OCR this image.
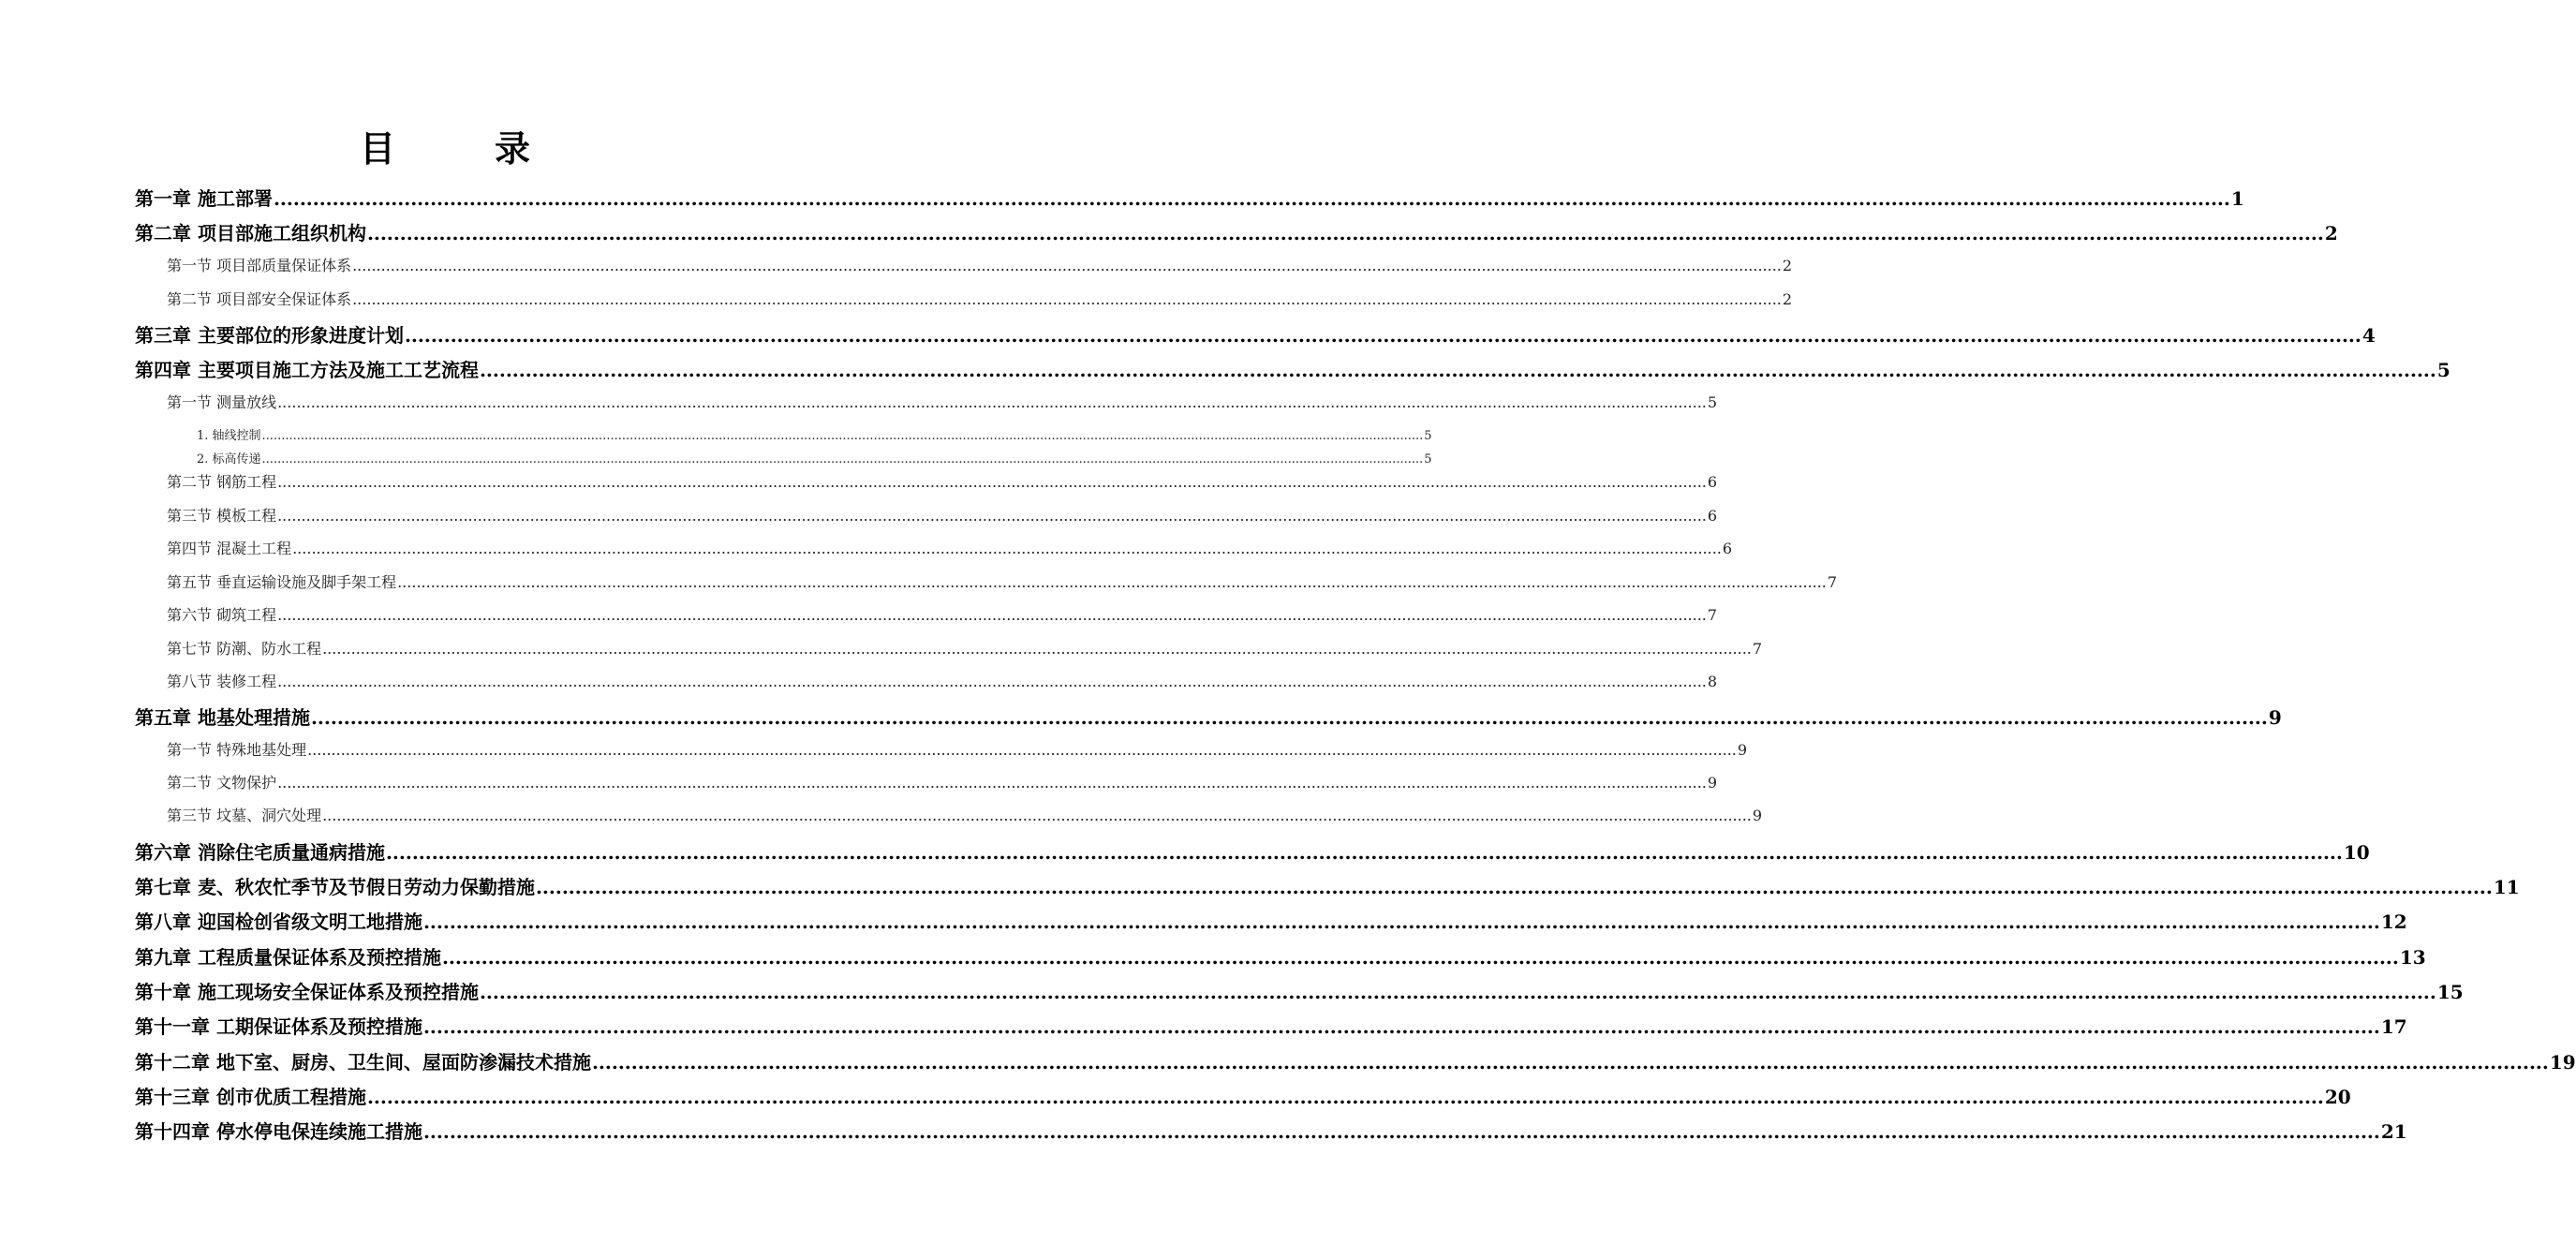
目　录
第一章 施工部署 ............................................................................................................................................................................................................................................................................................................ 1
第二章 项目部施工组织机构 ............................................................................................................................................................................................................................................................................................................ 2
第一节 项目部质量保证体系 ............................................................................................................................................................................................................................................................................................................ 2
第二节 项目部安全保证体系 ............................................................................................................................................................................................................................................................................................................ 2
第三章 主要部位的形象进度计划 ............................................................................................................................................................................................................................................................................................................ 4
第四章 主要项目施工方法及施工工艺流程 ............................................................................................................................................................................................................................................................................................................ 5
第一节 测量放线 ............................................................................................................................................................................................................................................................................................................ 5
1. 轴线控制 ............................................................................................................................................................................................................................................................................................................ 5
2. 标高传递 ............................................................................................................................................................................................................................................................................................................ 5
第二节 钢筋工程 ............................................................................................................................................................................................................................................................................................................ 6
第三节 模板工程 ............................................................................................................................................................................................................................................................................................................ 6
第四节 混凝土工程 ............................................................................................................................................................................................................................................................................................................ 6
第五节 垂直运输设施及脚手架工程 ............................................................................................................................................................................................................................................................................................................ 7
第六节 砌筑工程 ............................................................................................................................................................................................................................................................................................................ 7
第七节 防潮、防水工程 ............................................................................................................................................................................................................................................................................................................ 7
第八节 装修工程 ............................................................................................................................................................................................................................................................................................................ 8
第五章 地基处理措施 ............................................................................................................................................................................................................................................................................................................ 9
第一节 特殊地基处理 ............................................................................................................................................................................................................................................................................................................ 9
第二节 文物保护 ............................................................................................................................................................................................................................................................................................................ 9
第三节 坟墓、洞穴处理 ............................................................................................................................................................................................................................................................................................................ 9
第六章 消除住宅质量通病措施 ............................................................................................................................................................................................................................................................................................................ 10
第七章 麦、秋农忙季节及节假日劳动力保勤措施 ............................................................................................................................................................................................................................................................................................................ 11
第八章 迎国检创省级文明工地措施 ............................................................................................................................................................................................................................................................................................................ 12
第九章 工程质量保证体系及预控措施 ............................................................................................................................................................................................................................................................................................................ 13
第十章 施工现场安全保证体系及预控措施 ............................................................................................................................................................................................................................................................................................................ 15
第十一章 工期保证体系及预控措施 ............................................................................................................................................................................................................................................................................................................ 17
第十二章 地下室、厨房、卫生间、屋面防渗漏技术措施 ............................................................................................................................................................................................................................................................................................................ 19
第十三章 创市优质工程措施 ............................................................................................................................................................................................................................................................................................................ 20
第十四章 停水停电保连续施工措施 ............................................................................................................................................................................................................................................................................................................ 21
